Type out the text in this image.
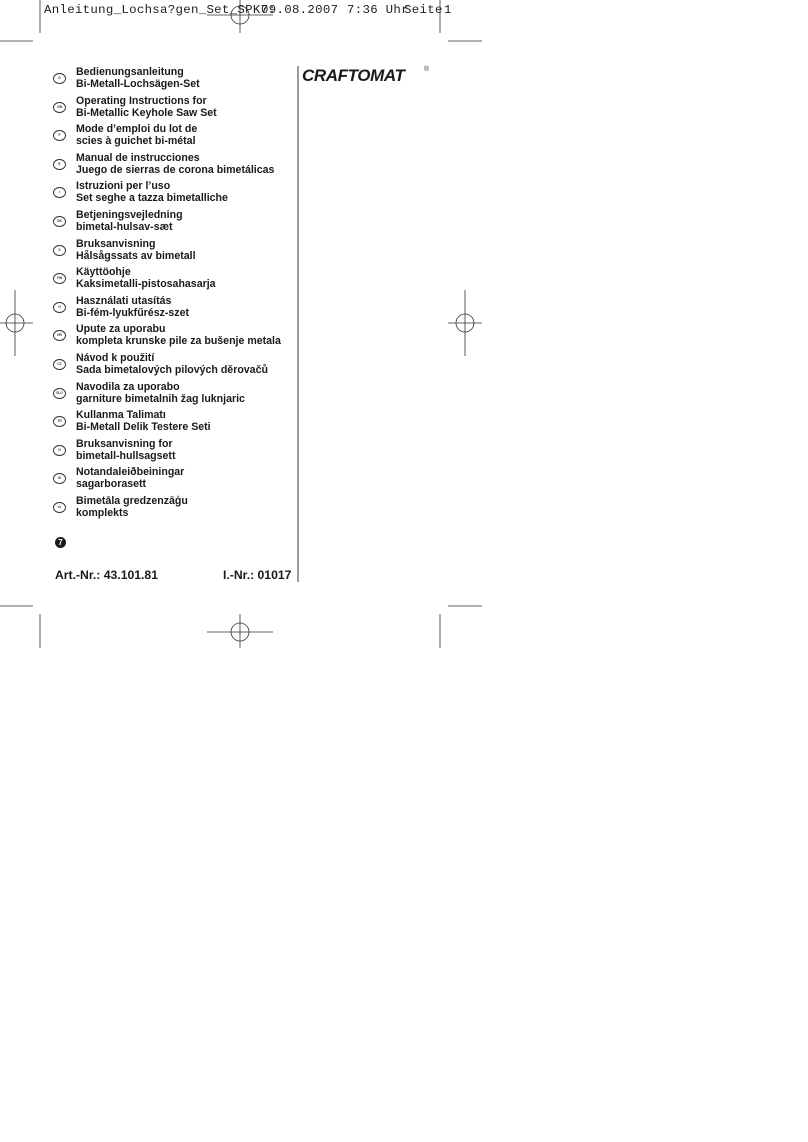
Anleitung_Lochsa?gen_Set_SPK7:

09.08.2007

7:36 Uhr

Seite

1

CRAFTOMAT	®
D	Bedienungsanleitung
Bi-Metall-Lochsägen-Set
GB	Operating Instructions for
Bi-Metallic Keyhole Saw Set
F	Mode d’emploi du lot de
scies à guichet bi-métal
E	Manual de instrucciones
Juego de sierras de corona bimetálicas
I	Istruzioni per l’uso
Set seghe a tazza bimetalliche
DK	Betjeningsvejledning
bimetal-hulsav-sæt
S	Bruksanvisning
Hålsågssats av bimetall
FIN	Käyttöohje
Kaksimetalli-pistosahasarja
H	Használati utasítás
Bi-fém-lyukfűrész-szet
HR	Upute za uporabu
kompleta krunske pile za bušenje metala
CZ	Návod k použití
Sada bimetalových pilových děrovačů
SLO	Navodila za uporabo
garniture bimetalnih žag luknjaric
TR	Kullanma Talimatı
Bi-Metall Delik Testere Seti
N	Bruksanvisning for
bimetall-hullsagsett
IS	Notandaleiðbeiningar
sagarborasett
LV	Bimetāla gredzenzāģu
komplekts
7
Art.-Nr.: 43.101.81	I.-Nr.: 01017
